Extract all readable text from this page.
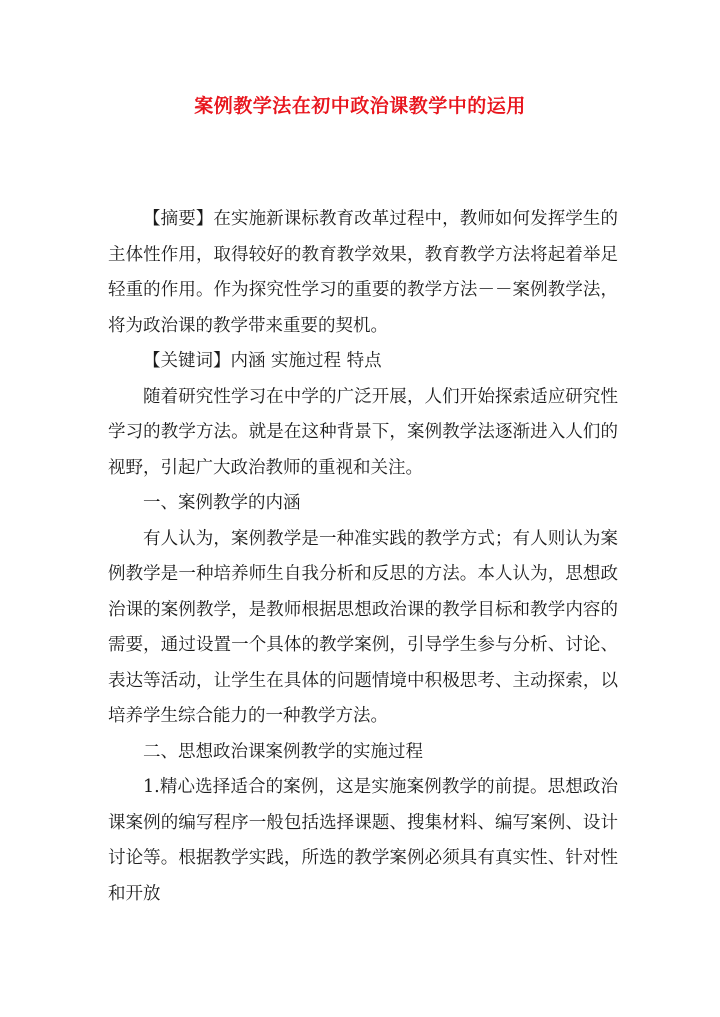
案例教学法在初中政治课教学中的运用

【摘要】在实施新课标教育改革过程中，教师如何发挥学生的主体性作用，取得较好的教育教学效果，教育教学方法将起着举足轻重的作用。作为探究性学习的重要的教学方法－－案例教学法，将为政治课的教学带来重要的契机。

【关键词】内涵 实施过程 特点

随着研究性学习在中学的广泛开展，人们开始探索适应研究性学习的教学方法。就是在这种背景下，案例教学法逐渐进入人们的视野，引起广大政治教师的重视和关注。

一、案例教学的内涵

有人认为，案例教学是一种准实践的教学方式；有人则认为案例教学是一种培养师生自我分析和反思的方法。本人认为，思想政治课的案例教学，是教师根据思想政治课的教学目标和教学内容的需要，通过设置一个具体的教学案例，引导学生参与分析、讨论、表达等活动，让学生在具体的问题情境中积极思考、主动探索，以培养学生综合能力的一种教学方法。

二、思想政治课案例教学的实施过程

1.精心选择适合的案例，这是实施案例教学的前提。思想政治课案例的编写程序一般包括选择课题、搜集材料、编写案例、设计讨论等。根据教学实践，所选的教学案例必须具有真实性、针对性和开放
